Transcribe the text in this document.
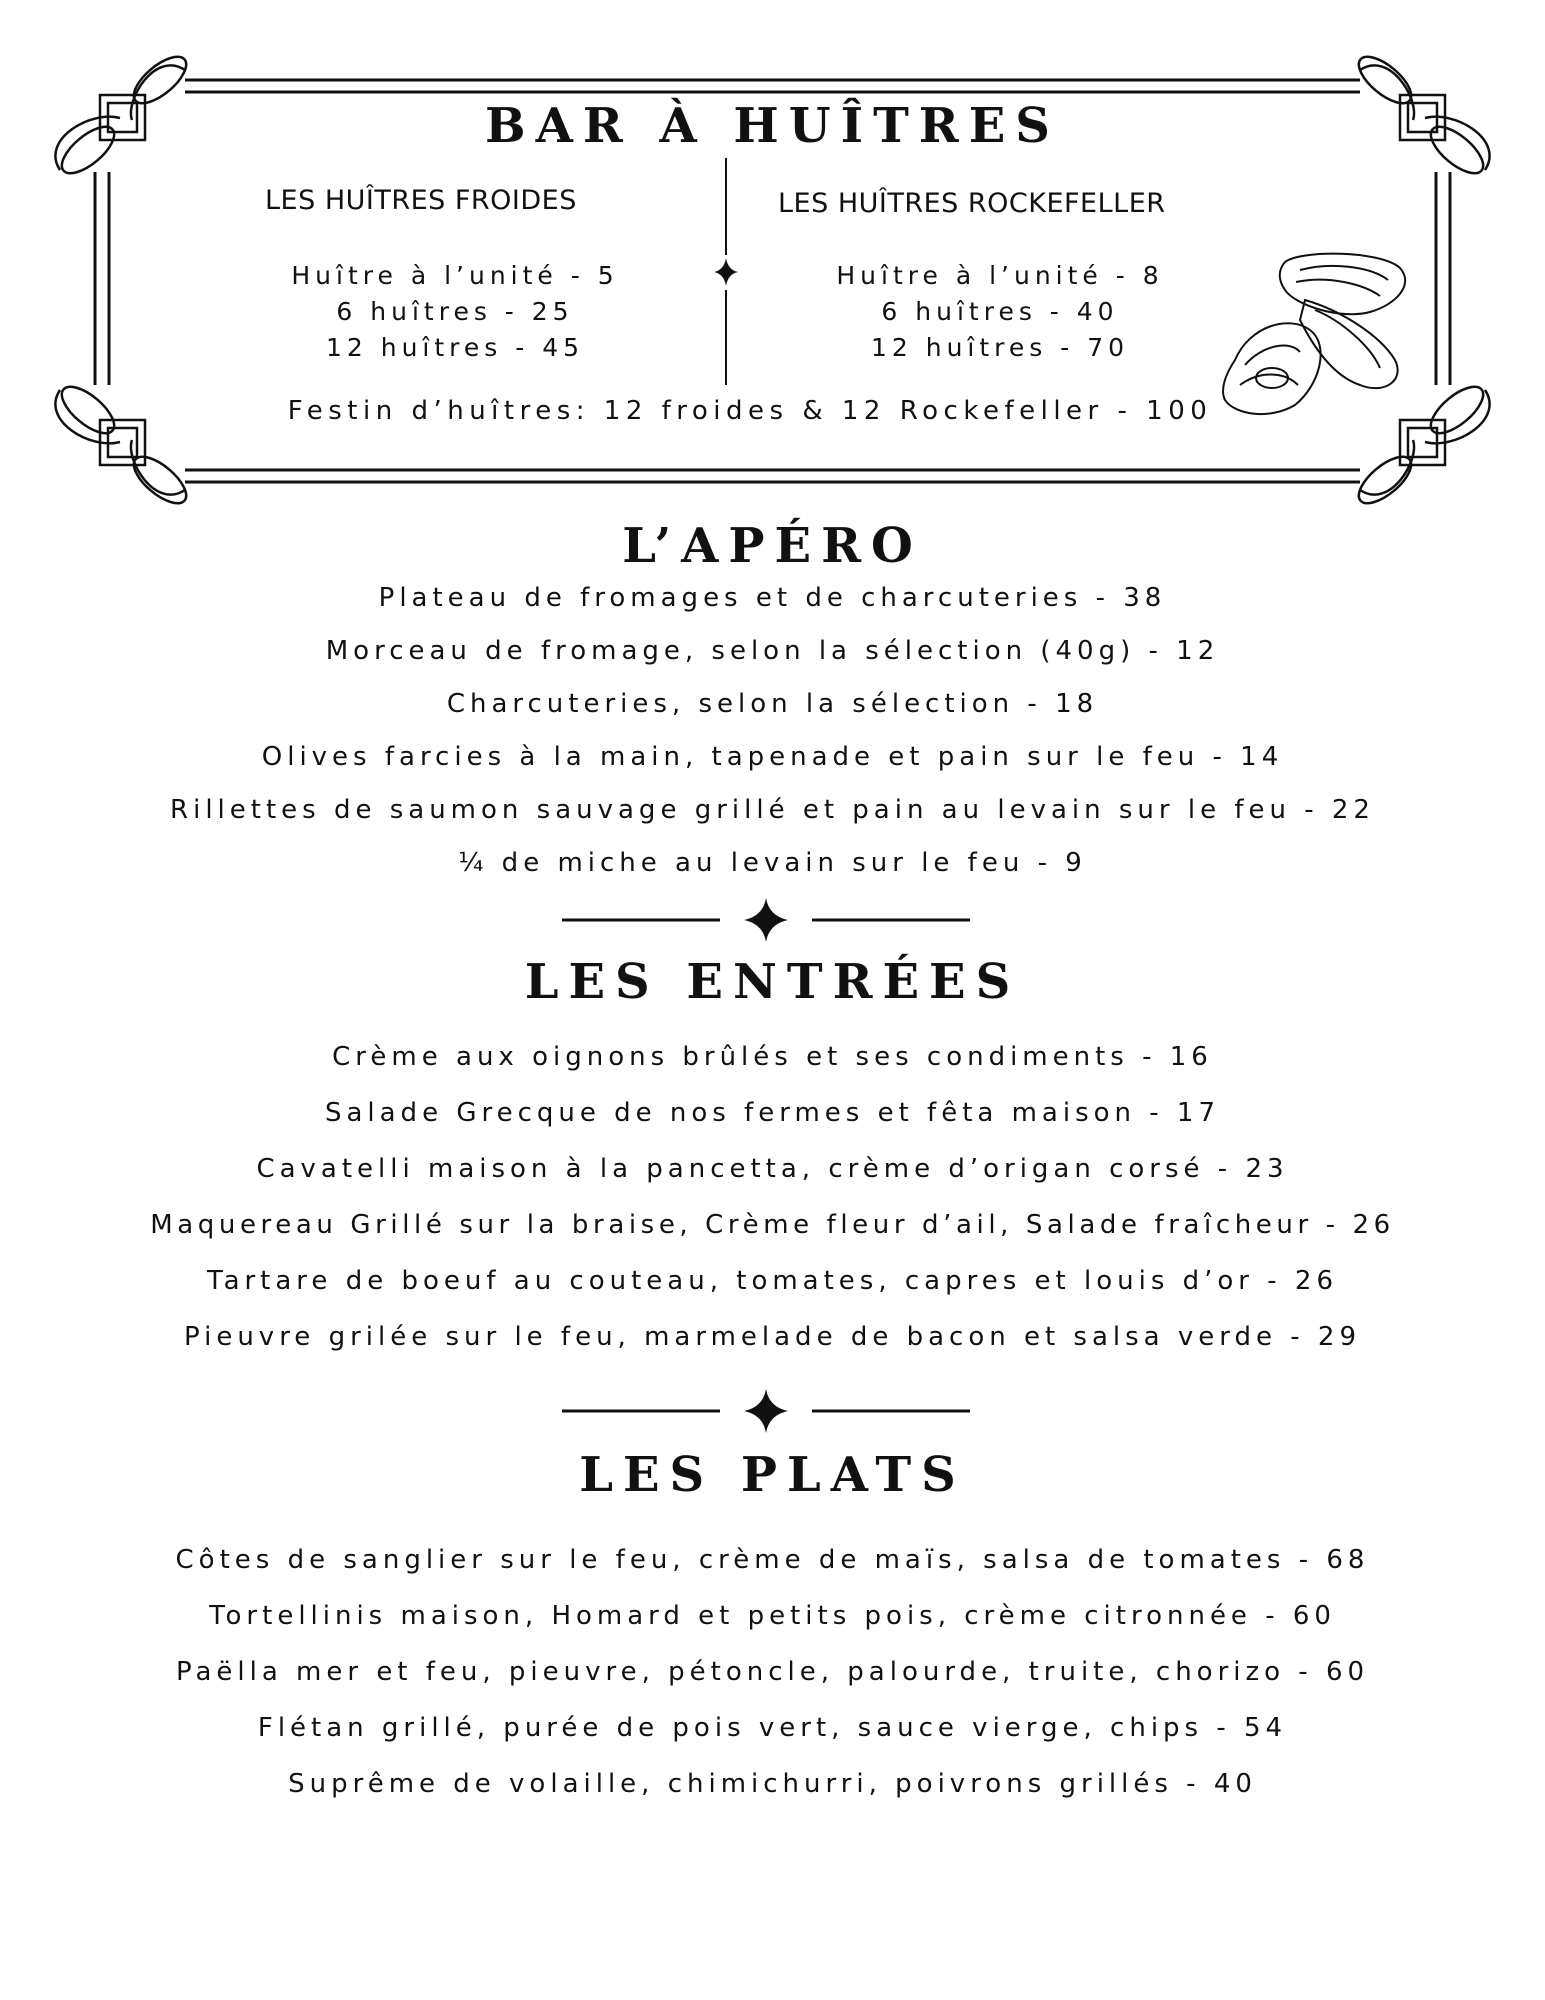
BAR À HUÎTRES
LES HUÎTRES FROIDES	LES HUÎTRES ROCKEFELLER
Huître à l’unité - 5
6 huîtres - 25
12 huîtres - 45
Huître à l’unité - 8
6 huîtres - 40
12 huîtres - 70
Festin d’huîtres: 12 froides & 12 Rockefeller - 100
L’APÉRO
Plateau de fromages et de charcuteries - 38
Morceau de fromage, selon la sélection (40g) - 12
Charcuteries, selon la sélection - 18
Olives farcies à la main, tapenade et pain sur le feu - 14
Rillettes de saumon sauvage grillé et pain au levain sur le feu - 22
¼ de miche au levain sur le feu - 9
LES ENTRÉES
Crème aux oignons brûlés et ses condiments - 16
Salade Grecque de nos fermes et fêta maison - 17
Cavatelli maison à la pancetta, crème d’origan corsé - 23
Maquereau Grillé sur la braise, Crème fleur d’ail, Salade fraîcheur - 26
Tartare de boeuf au couteau, tomates, capres et louis d’or - 26
Pieuvre grilée sur le feu, marmelade de bacon et salsa verde - 29
LES PLATS
Côtes de sanglier sur le feu, crème de maïs, salsa de tomates - 68
Tortellinis maison, Homard et petits pois, crème citronnée - 60
Paëlla mer et feu, pieuvre, pétoncle, palourde, truite, chorizo - 60
Flétan grillé, purée de pois vert, sauce vierge, chips - 54
Suprême de volaille, chimichurri, poivrons grillés - 40
